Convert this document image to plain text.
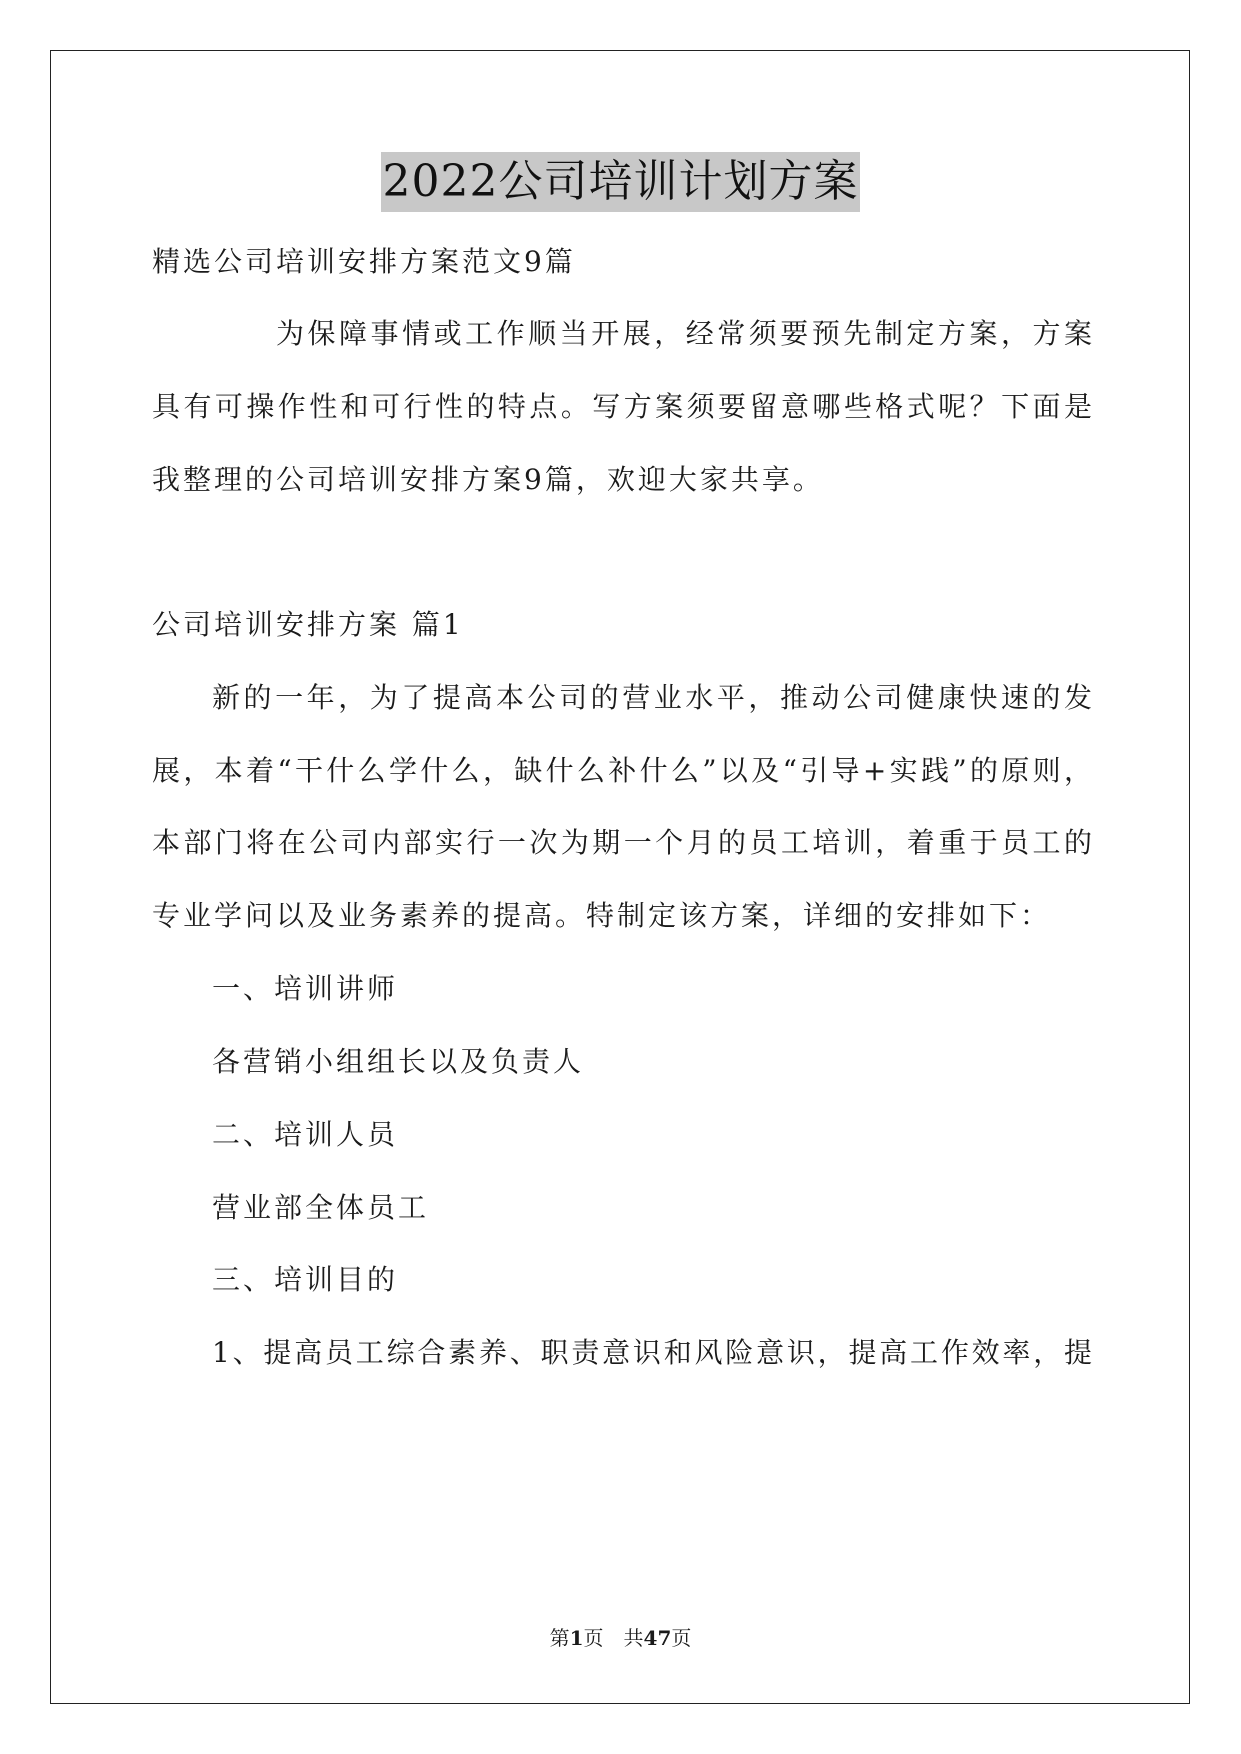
2022公司培训计划方案
精选公司培训安排方案范文9篇
为保障事情或工作顺当开展，经常须要预先制定方案，方案
具有可操作性和可行性的特点。写方案须要留意哪些格式呢？下面是
我整理的公司培训安排方案9篇，欢迎大家共享。
公司培训安排方案 篇1
新的一年，为了提高本公司的营业水平，推动公司健康快速的发
展，本着“干什么学什么，缺什么补什么”以及“引导+实践”的原则，
本部门将在公司内部实行一次为期一个月的员工培训，着重于员工的
专业学问以及业务素养的提高。特制定该方案，详细的安排如下：
一、培训讲师
各营销小组组长以及负责人
二、培训人员
营业部全体员工
三、培训目的
1、提高员工综合素养、职责意识和风险意识，提高工作效率，提
第1页　共47页
